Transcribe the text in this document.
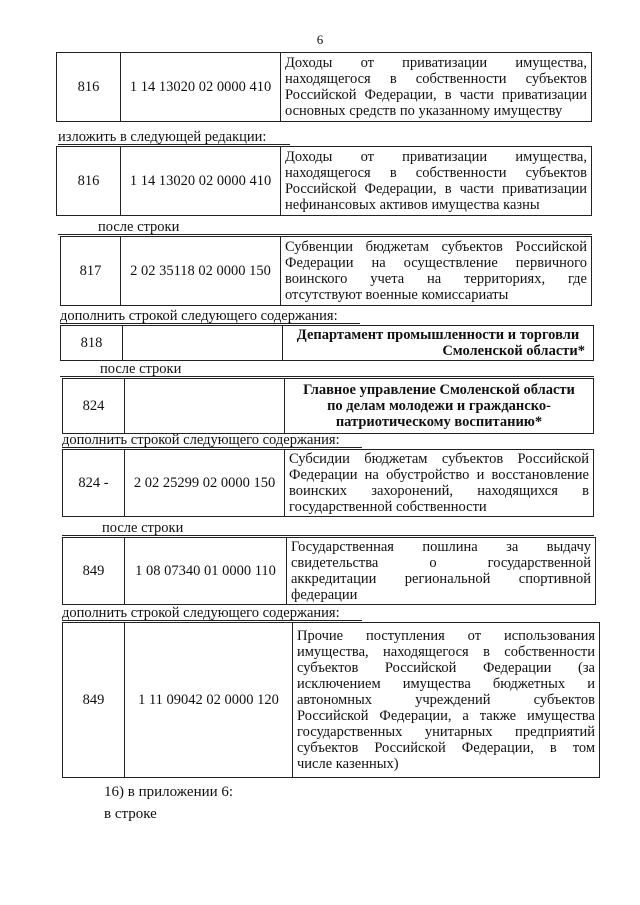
6
816	1 14 13020 02 0000 410	
Доходы от приватизации имущества,
находящегося в собственности субъектов
Российской Федерации, в части приватизации
основных средств по указанному имуществу
изложить в следующей редакции:
816	1 14 13020 02 0000 410	
Доходы от приватизации имущества,
находящегося в собственности субъектов
Российской Федерации, в части приватизации
нефинансовых активов имущества казны
после строки
817	2 02 35118 02 0000 150	
Субвенции бюджетам субъектов Российской
Федерации на осуществление первичного
воинского учета на территориях, где
отсутствуют военные комиссариаты
дополнить строкой следующего содержания:
818		Департамент промышленности и торговли
Смоленской области*
после строки
824		
Главное управление Смоленской области
по делам молодежи и гражданско-
патриотическому воспитанию*
дополнить строкой следующего содержания:
824 -	2 02 25299 02 0000 150	
Субсидии бюджетам субъектов Российской
Федерации на обустройство и восстановление
воинских захоронений, находящихся в
государственной собственности
после строки
849	1 08 07340 01 0000 110	
Государственная пошлина за выдачу
свидетельства о государственной
аккредитации региональной спортивной
федерации
дополнить строкой следующего содержания:
849	1 11 09042 02 0000 120	
Прочие поступления от использования
имущества, находящегося в собственности
субъектов Российской Федерации (за
исключением имущества бюджетных и
автономных учреждений субъектов
Российской Федерации, а также имущества
государственных унитарных предприятий
субъектов Российской Федерации, в том
числе казенных)
16) в приложении 6:
в строке
